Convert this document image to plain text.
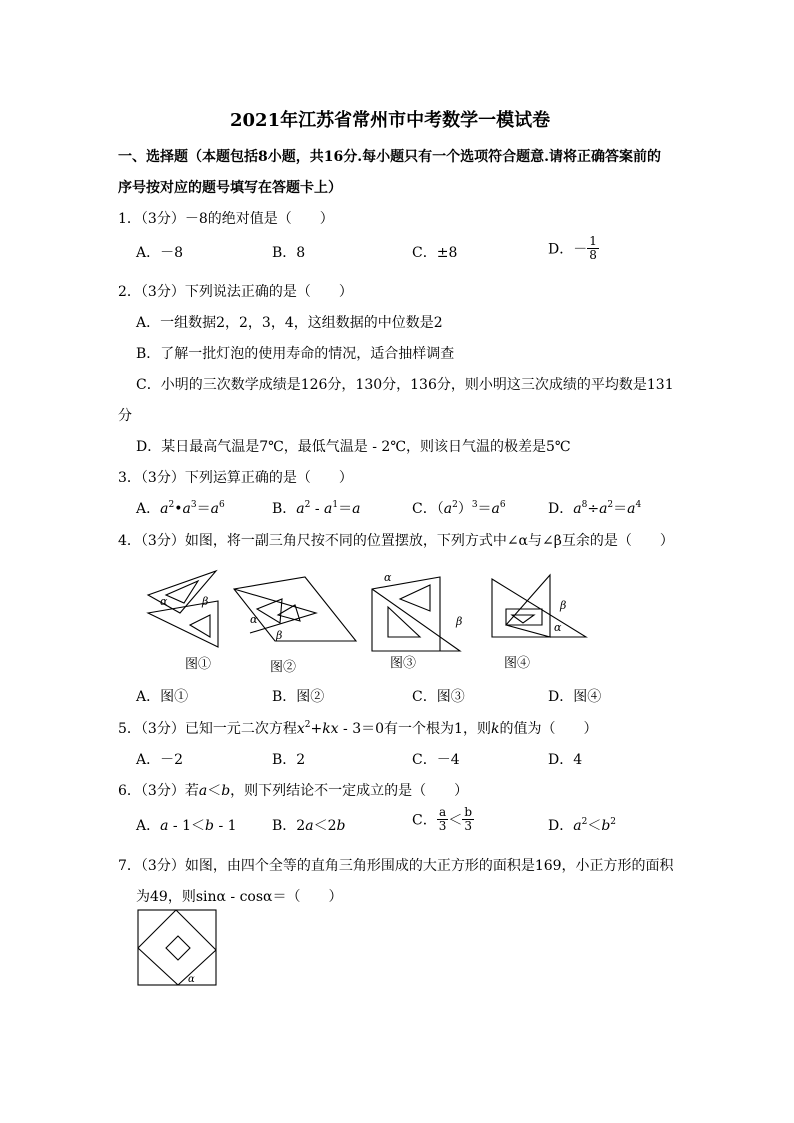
2021年江苏省常州市中考数学一模试卷
一、选择题（本题包括8小题，共16分.每小题只有一个选项符合题意.请将正确答案前的
序号按对应的题号填写在答题卡上）
1．（3分）－8的绝对值是（　　）
A．－8	B．8	C．±8	D．－ $\frac{1}{8}$
2．（3分）下列说法正确的是（　　）
A．一组数据2，2，3，4，这组数据的中位数是2
B．了解一批灯泡的使用寿命的情况，适合抽样调查
C．小明的三次数学成绩是126分，130分，136分，则小明这三次成绩的平均数是131
分
D．某日最高气温是7℃，最低气温是 - 2℃，则该日气温的极差是5℃
3．（3分）下列运算正确的是（　　）
A．$a^2•a^3=a^6$	B．$a^2 - a^1=a$	C．$(a^2)^3=a^6$	D．$a^8\div a^2=a^4$
4．（3分）如图，将一副三角尺按不同的位置摆放，下列方式中∠α与∠β互余的是（　　）
α	β
α
β
α
β
β
α
图①	图②	图③	图④
A．图①	B．图②	C．图③	D．图④
5．（3分）已知一元二次方程$x^2+kx - 3=0$有一个根为1，则k的值为（　　）
A．－2	B．2	C．－4	D．4
6．（3分）若a＜b，则下列结论不一定成立的是（　　）
A．a - 1＜b - 1	B．2a＜2b	C． $\frac{a}{3} < \frac{b}{3}$	D．$a^2<b^2$
7．（3分）如图，由四个全等的直角三角形围成的大正方形的面积是169，小正方形的面积
为49，则sinα - cosα＝（　　）
α
